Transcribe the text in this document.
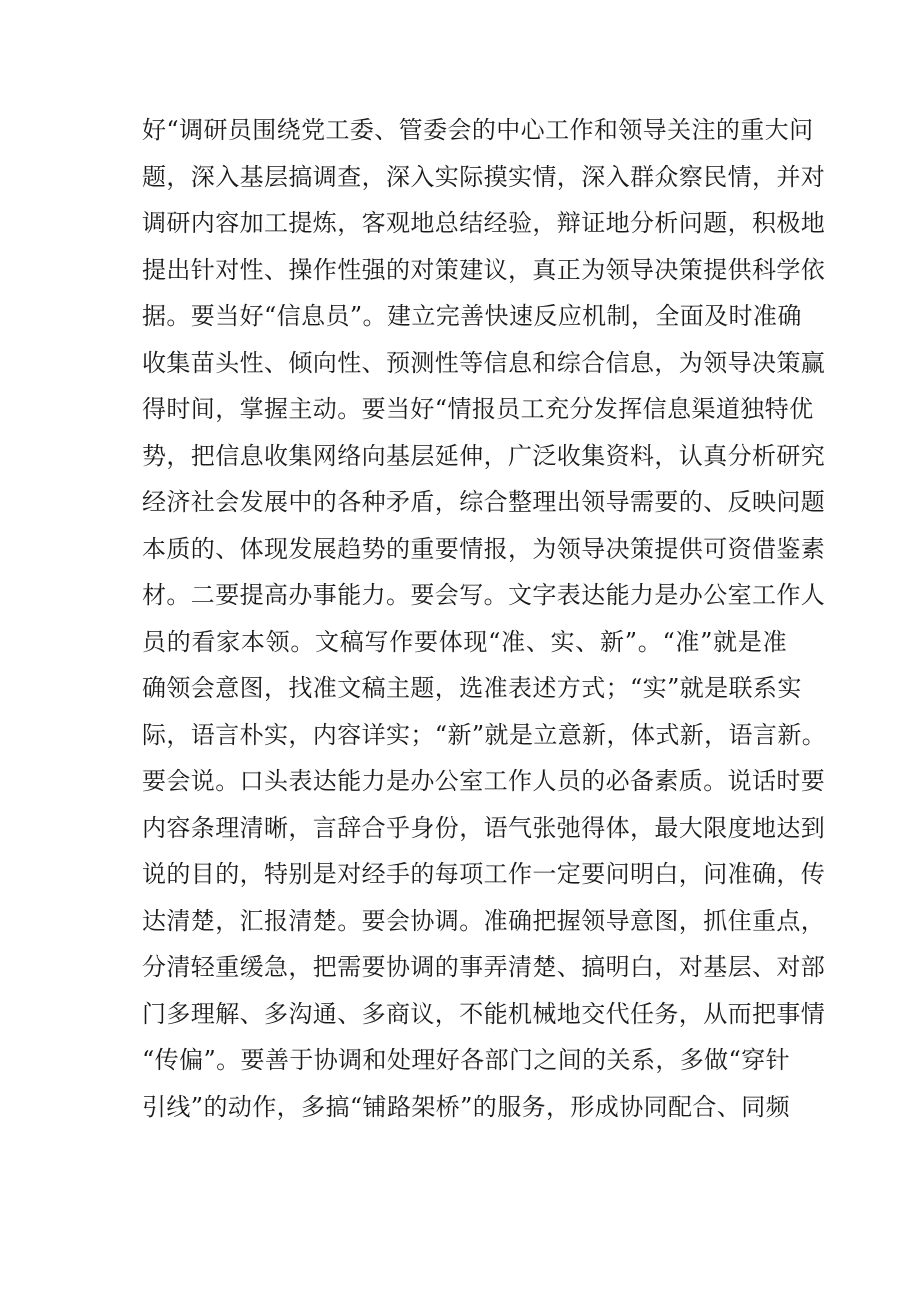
好“调研员围绕党工委、管委会的中心工作和领导关注的重大问
题，深入基层搞调查，深入实际摸实情，深入群众察民情，并对
调研内容加工提炼，客观地总结经验，辩证地分析问题，积极地
提出针对性、操作性强的对策建议，真正为领导决策提供科学依
据。要当好“信息员”。建立完善快速反应机制，全面及时准确
收集苗头性、倾向性、预测性等信息和综合信息，为领导决策赢
得时间，掌握主动。要当好“情报员工充分发挥信息渠道独特优
势，把信息收集网络向基层延伸，广泛收集资料，认真分析研究
经济社会发展中的各种矛盾，综合整理出领导需要的、反映问题
本质的、体现发展趋势的重要情报，为领导决策提供可资借鉴素
材。二要提高办事能力。要会写。文字表达能力是办公室工作人
员的看家本领。文稿写作要体现“准、实、新”。“准”就是准
确领会意图，找准文稿主题，选准表述方式；“实”就是联系实
际，语言朴实，内容详实；“新”就是立意新，体式新，语言新。
要会说。口头表达能力是办公室工作人员的必备素质。说话时要
内容条理清晰，言辞合乎身份，语气张弛得体，最大限度地达到
说的目的，特别是对经手的每项工作一定要问明白，问准确，传
达清楚，汇报清楚。要会协调。准确把握领导意图，抓住重点，
分清轻重缓急，把需要协调的事弄清楚、搞明白，对基层、对部
门多理解、多沟通、多商议，不能机械地交代任务，从而把事情
“传偏”。要善于协调和处理好各部门之间的关系，多做“穿针
引线”的动作，多搞“铺路架桥”的服务，形成协同配合、同频
